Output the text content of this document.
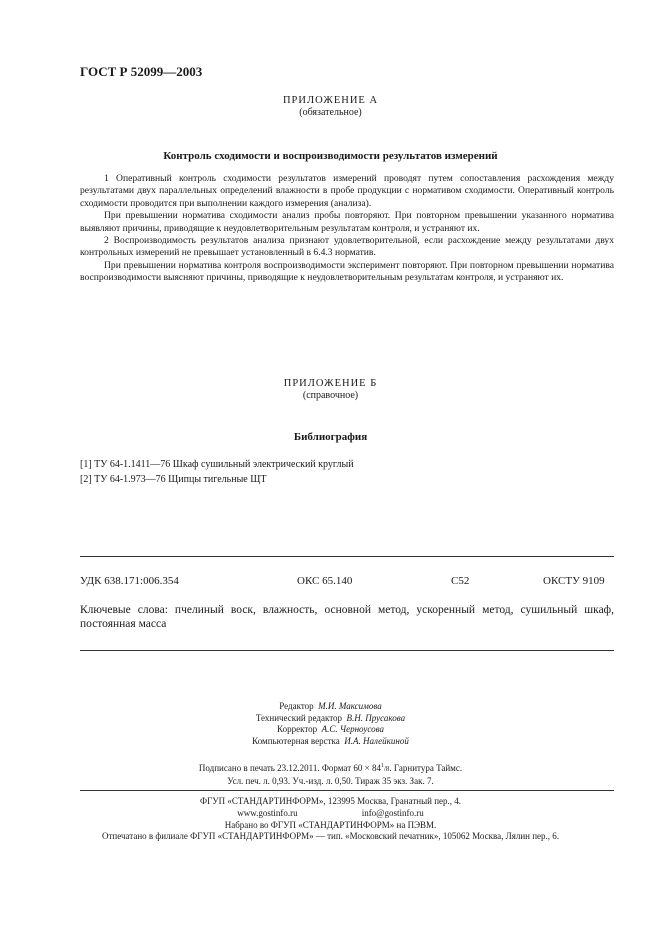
ГОСТ Р 52099—2003
ПРИЛОЖЕНИЕ А
(обязательное)
Контроль сходимости и воспроизводимости результатов измерений

1 Оперативный контроль сходимости результатов измерений проводят путем сопоставления расхождения между результатами двух параллельных определений влажности в пробе продукции с нормативом сходимости. Оперативный контроль сходимости проводится при выполнении каждого измерения (анализа).

При превышении норматива сходимости анализ пробы повторяют. При повторном превышении указанного норматива выявляют причины, приводящие к неудовлетворительным результатам контроля, и устраняют их.

2 Воспроизводимость результатов анализа признают удовлетворительной, если расхождение между результатами двух контрольных измерений не превышает установленный в 6.4.3 норматив.

При превышении норматива контроля воспроизводимости эксперимент повторяют. При повторном превышении норматива воспроизводимости выясняют причины, приводящие к неудовлетворительным результатам контроля, и устраняют их.

ПРИЛОЖЕНИЕ Б
(справочное)
Библиография
[1] ТУ 64-1.1411—76 Шкаф сушильный электрический круглый
[2] ТУ 64-1.973—76 Щипцы тигельные ЩТ
УДК 638.171:006.354	ОКС 65.140	С52	ОКСТУ 9109
Ключевые слова: пчелиный воск, влажность, основной метод, ускоренный метод, сушильный шкаф, постоянная масса
Редактор М.И. Максимова
Технический редактор В.Н. Прусакова
Корректор А.С. Черноусова
Компьютерная верстка И.А. Налейкиной
Подписано в печать 23.12.2011. Формат $60 \times 84^1/8$. Гарнитура Таймс.
Усл. печ. л. 0,93. Уч.-изд. л. 0,50. Тираж 35 экз. Зак. 7.
ФГУП «СТАНДАРТИНФОРМ», 123995 Москва, Гранатный пер., 4.
www.gostinfo.ru	info@gostinfo.ru
Набрано во ФГУП «СТАНДАРТИНФОРМ» на ПЭВМ.
Отпечатано в филиале ФГУП «СТАНДАРТИНФОРМ» — тип. «Московский печатник», 105062 Москва, Лялин пер., 6.
